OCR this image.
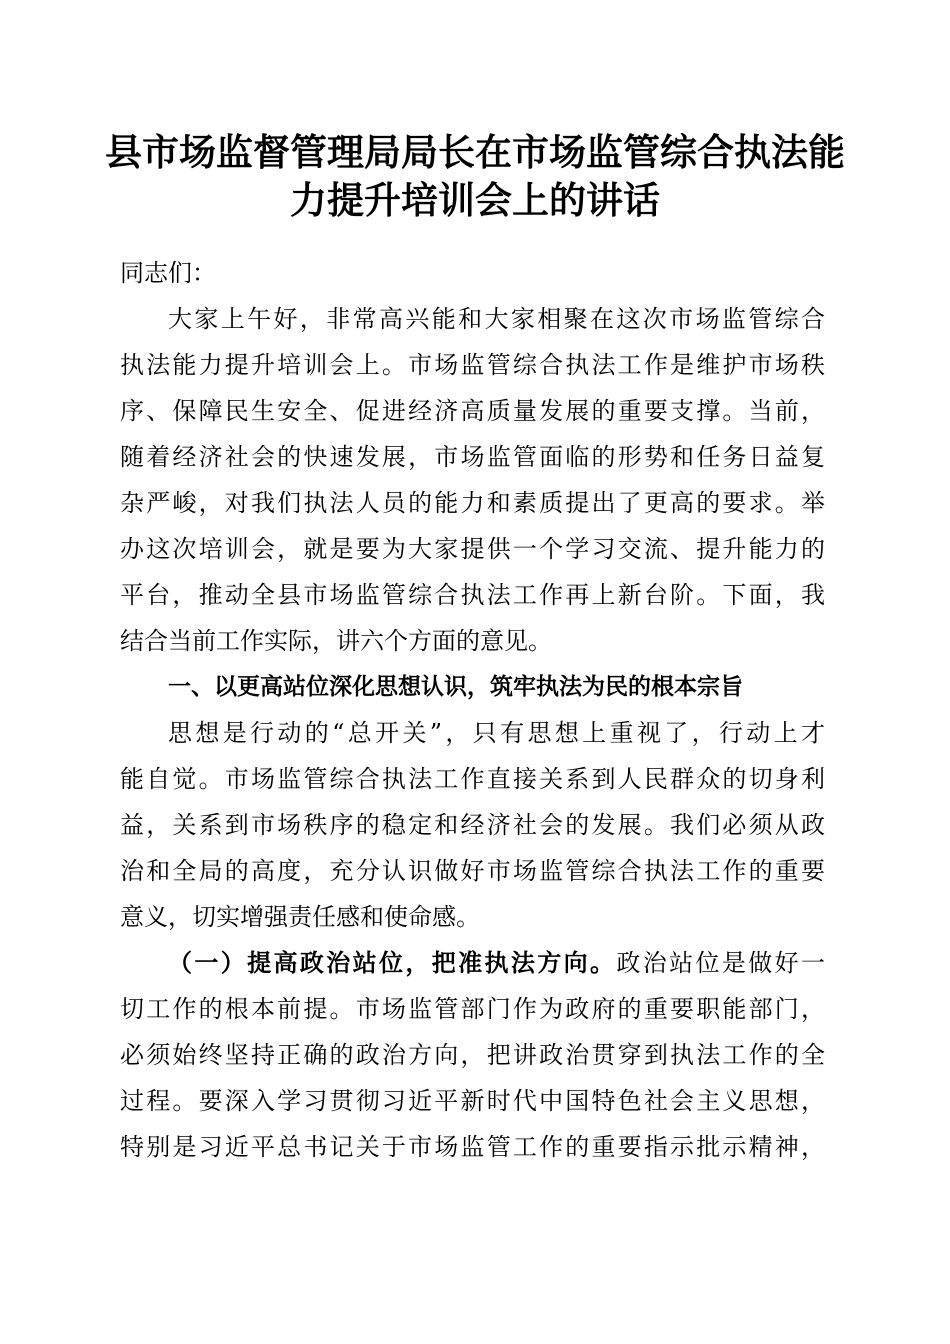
县市场监督管理局局长在市场监管综合执法能
力提升培训会上的讲话
同志们：
大家上午好，非常高兴能和大家相聚在这次市场监管综合
执法能力提升培训会上。市场监管综合执法工作是维护市场秩
序、保障民生安全、促进经济高质量发展的重要支撑。当前，
随着经济社会的快速发展，市场监管面临的形势和任务日益复
杂严峻，对我们执法人员的能力和素质提出了更高的要求。举
办这次培训会，就是要为大家提供一个学习交流、提升能力的
平台，推动全县市场监管综合执法工作再上新台阶。下面，我
结合当前工作实际，讲六个方面的意见。
一、以更高站位深化思想认识，筑牢执法为民的根本宗旨
思想是行动的“总开关”，只有思想上重视了，行动上才
能自觉。市场监管综合执法工作直接关系到人民群众的切身利
益，关系到市场秩序的稳定和经济社会的发展。我们必须从政
治和全局的高度，充分认识做好市场监管综合执法工作的重要
意义，切实增强责任感和使命感。
（一）提高政治站位，把准执法方向。政治站位是做好一
切工作的根本前提。市场监管部门作为政府的重要职能部门，
必须始终坚持正确的政治方向，把讲政治贯穿到执法工作的全
过程。要深入学习贯彻习近平新时代中国特色社会主义思想，
特别是习近平总书记关于市场监管工作的重要指示批示精神，
